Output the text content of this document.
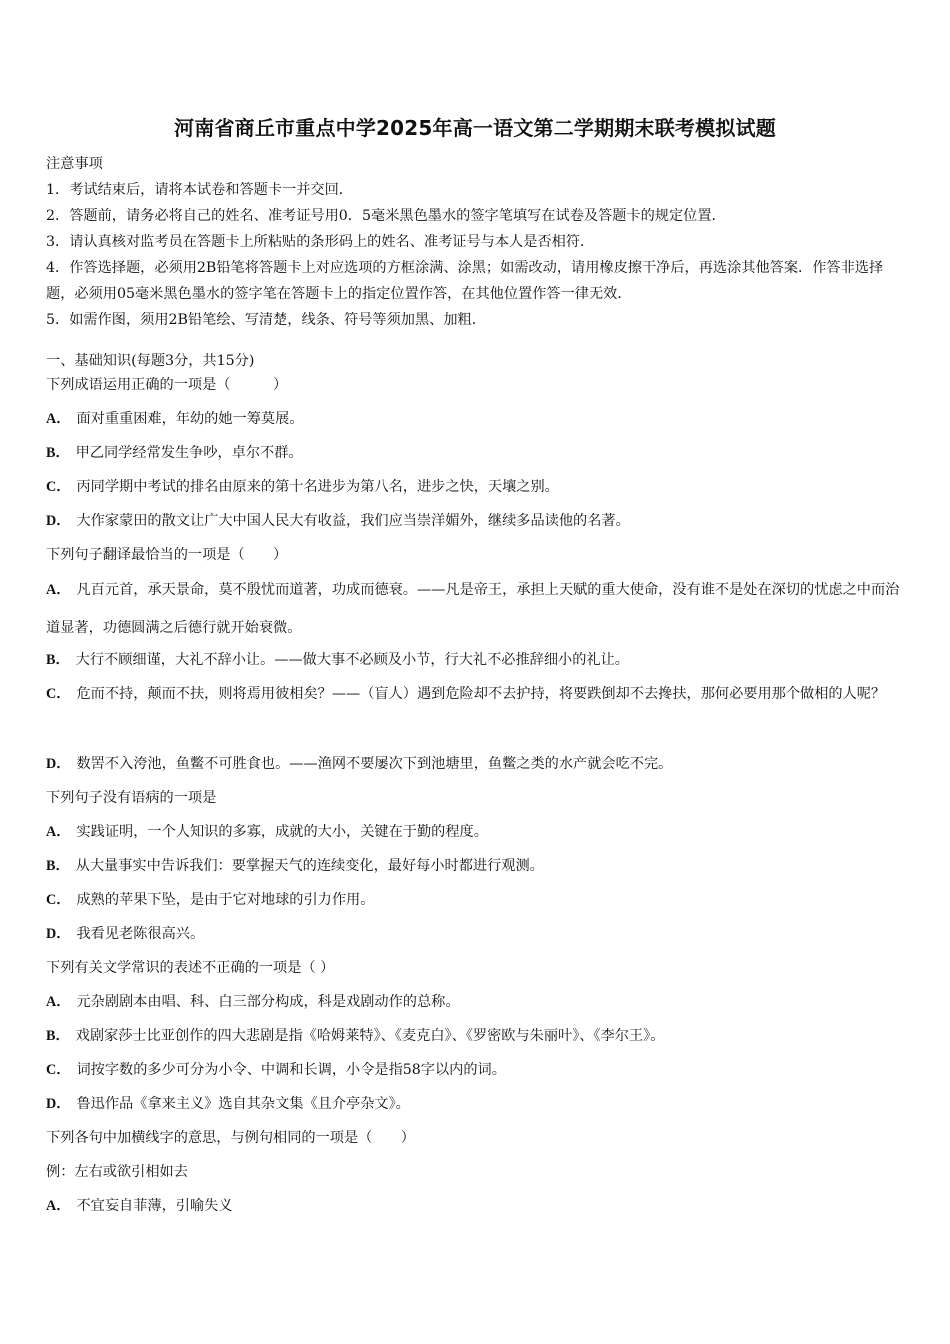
河南省商丘市重点中学2025年高一语文第二学期期末联考模拟试题
注意事项
1．考试结束后，请将本试卷和答题卡一并交回．
2．答题前，请务必将自己的姓名、准考证号用0．5毫米黑色墨水的签字笔填写在试卷及答题卡的规定位置．
3．请认真核对监考员在答题卡上所粘贴的条形码上的姓名、准考证号与本人是否相符．
4．作答选择题，必须用2B铅笔将答题卡上对应选项的方框涂满、涂黑；如需改动，请用橡皮擦干净后，再选涂其他答案．作答非选择题，必须用05毫米黑色墨水的签字笔在答题卡上的指定位置作答，在其他位置作答一律无效．
5．如需作图，须用2B铅笔绘、写清楚，线条、符号等须加黑、加粗．
一、基础知识(每题3分，共15分)
下列成语运用正确的一项是（　　　）
A． 面对重重困难，年幼的她一筹莫展。
B． 甲乙同学经常发生争吵，卓尔不群。
C． 丙同学期中考试的排名由原来的第十名进步为第八名，进步之快，天壤之别。
D． 大作家蒙田的散文让广大中国人民大有收益，我们应当崇洋媚外，继续多品读他的名著。
下列句子翻译最恰当的一项是（　　）
A． 凡百元首，承天景命，莫不殷忧而道著，功成而德衰。——凡是帝王，承担上天赋的重大使命，没有谁不是处在深切的忧虑之中而治道显著，功德圆满之后德行就开始衰微。
B． 大行不顾细谨，大礼不辞小让。——做大事不必顾及小节，行大礼不必推辞细小的礼让。
C． 危而不持，颠而不扶，则将焉用彼相矣？——（盲人）遇到危险却不去护持，将要跌倒却不去搀扶，那何必要用那个做相的人呢？
D． 数罟不入洿池，鱼鳖不可胜食也。——渔网不要屡次下到池塘里，鱼鳖之类的水产就会吃不完。
下列句子没有语病的一项是
A． 实践证明，一个人知识的多寡，成就的大小，关键在于勤的程度。
B． 从大量事实中告诉我们：要掌握天气的连续变化，最好每小时都进行观测。
C． 成熟的苹果下坠，是由于它对地球的引力作用。
D． 我看见老陈很高兴。
下列有关文学常识的表述不正确的一项是（ ）
A． 元杂剧剧本由唱、科、白三部分构成，科是戏剧动作的总称。
B． 戏剧家莎士比亚创作的四大悲剧是指《哈姆莱特》、《麦克白》、《罗密欧与朱丽叶》、《李尔王》。
C． 词按字数的多少可分为小令、中调和长调，小令是指58字以内的词。
D． 鲁迅作品《拿来主义》选自其杂文集《且介亭杂文》。
下列各句中加横线字的意思，与例句相同的一项是（　　）
例：左右或欲引相如去
A． 不宜妄自菲薄，引喻失义
